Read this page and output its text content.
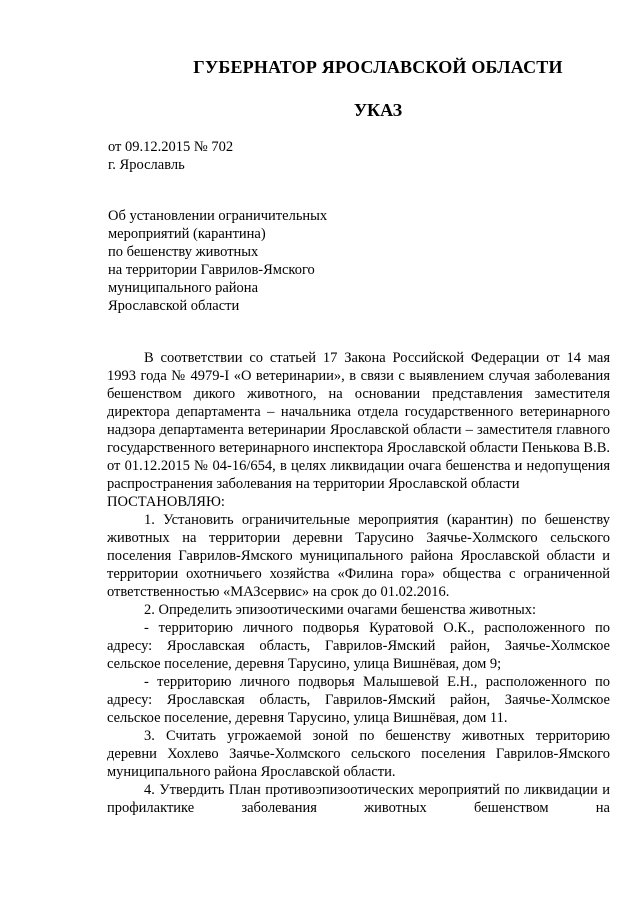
ГУБЕРНАТОР ЯРОСЛАВСКОЙ ОБЛАСТИ
УКАЗ
от 09.12.2015 № 702
г. Ярославль
Об установлении ограничительных
мероприятий (карантина)
по бешенству животных
на территории Гаврилов-Ямского
муниципального района
Ярославской области

В соответствии со статьей 17 Закона Российской Федерации от 14 мая 1993 года № 4979-I «О ветеринарии», в связи с выявлением случая заболевания бешенством дикого животного, на основании представления заместителя директора департамента – начальника отдела государственного ветеринарного надзора департамента ветеринарии Ярославской области – заместителя главного государственного ветеринарного инспектора Ярославской области Пенькова В.В. от 01.12.2015 № 04-16/654, в целях ликвидации очага бешенства и недопущения распространения заболевания на территории Ярославской области

ПОСТАНОВЛЯЮ:

1. Установить ограничительные мероприятия (карантин) по бешенству животных на территории деревни Тарусино Заячье-Холмского сельского поселения Гаврилов-Ямского муниципального района Ярославской области и территории охотничьего хозяйства «Филина гора» общества с ограниченной ответственностью «МАЗсервис» на срок до 01.02.2016.

2. Определить эпизоотическими очагами бешенства животных:

- территорию личного подворья Куратовой О.К., расположенного по адресу: Ярославская область, Гаврилов-Ямский район, Заячье-Холмское сельское поселение, деревня Тарусино, улица Вишнёвая, дом 9;

- территорию личного подворья Малышевой Е.Н., расположенного по адресу: Ярославская область, Гаврилов-Ямский район, Заячье-Холмское сельское поселение, деревня Тарусино, улица Вишнёвая, дом 11.

3. Считать угрожаемой зоной по бешенству животных территорию деревни Хохлево Заячье-Холмского сельского поселения Гаврилов-Ямского муниципального района Ярославской области.

4. Утвердить План противоэпизоотических мероприятий по ликвидации и профилактике заболевания животных бешенством на
